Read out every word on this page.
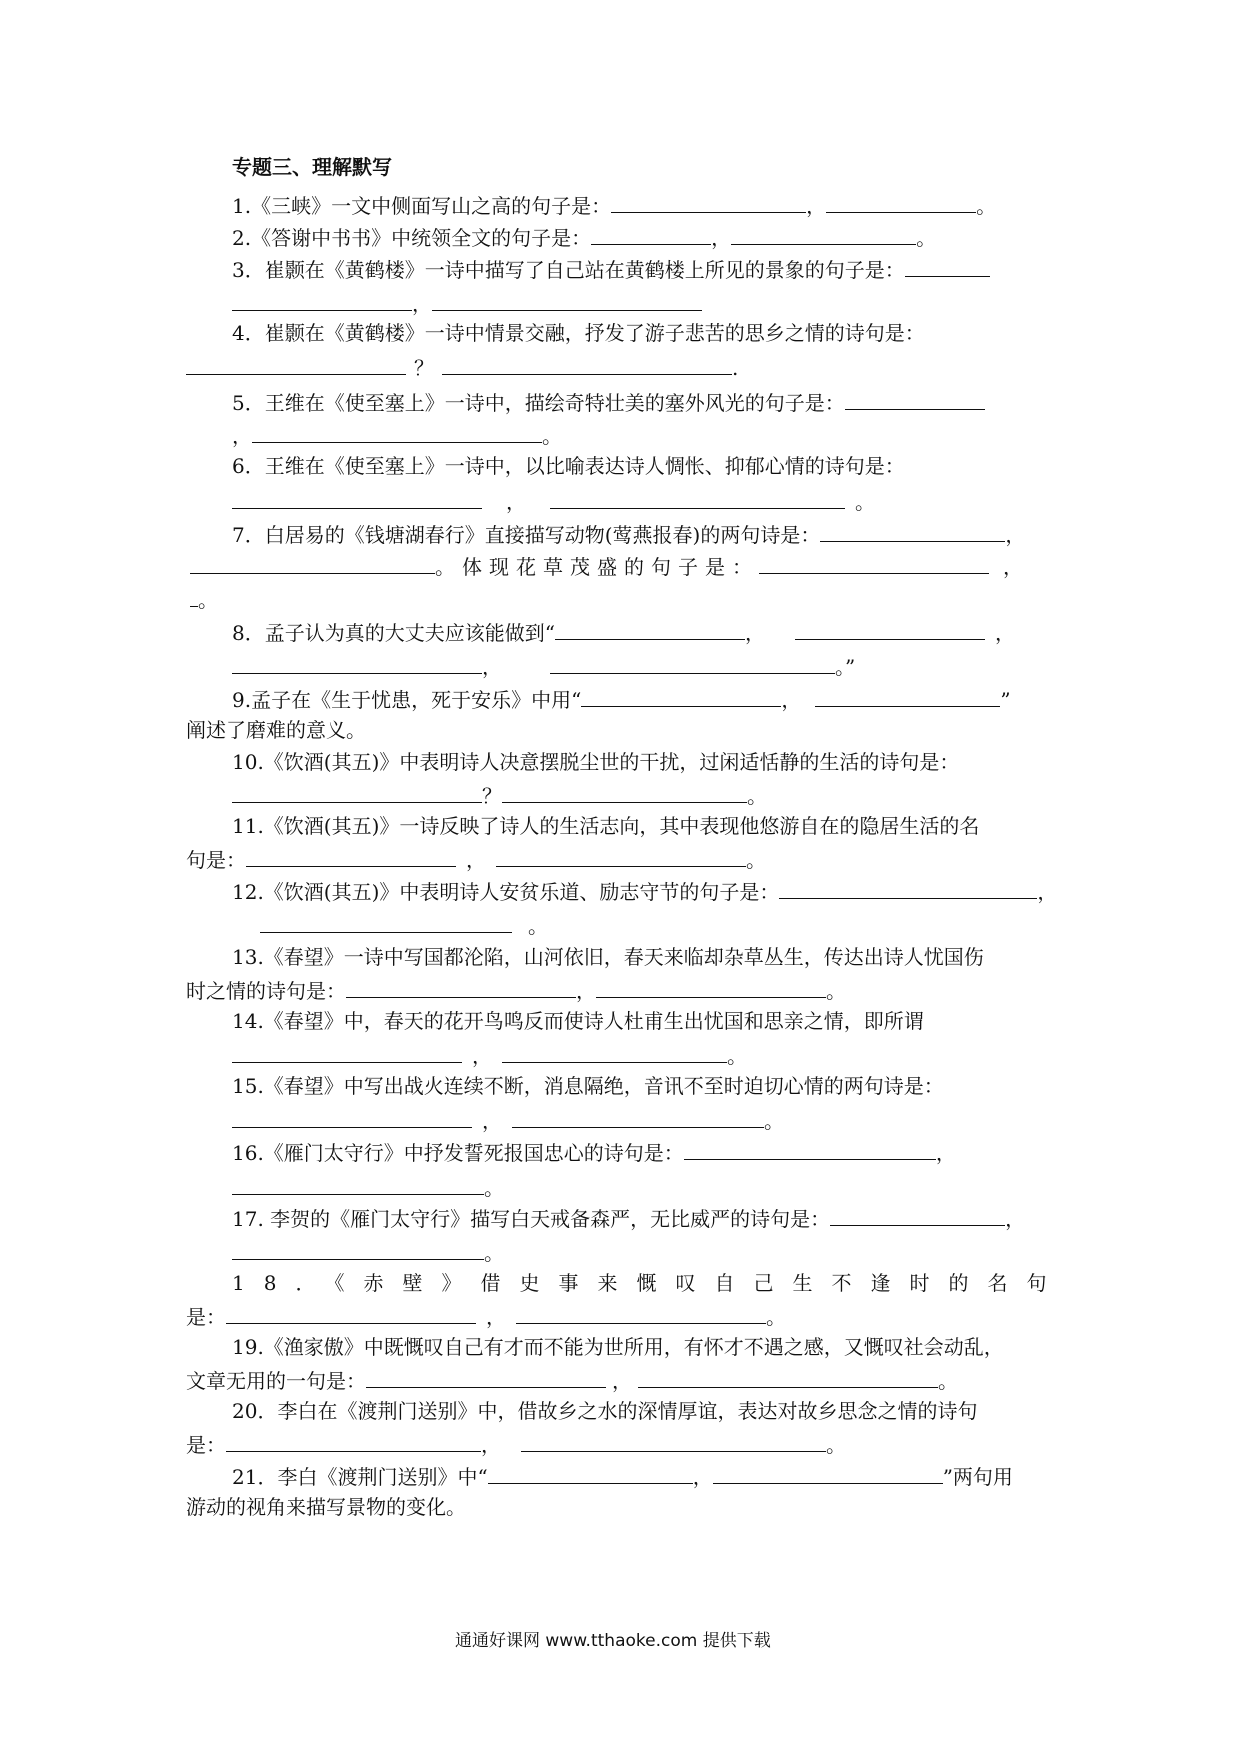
专题三、理解默写
1.《三峡》一文中侧面写山之高的句子是：	，	。
2.《答谢中书书》中统领全文的句子是：	，	。
3．崔颢在《黄鹤楼》一诗中描写了自己站在黄鹤楼上所见的景象的句子是：
，
4．崔颢在《黄鹤楼》一诗中情景交融，抒发了游子悲苦的思乡之情的诗句是：
？	.
5．王维在《使至塞上》一诗中，描绘奇特壮美的塞外风光的句子是：
，	。
6．王维在《使至塞上》一诗中，以比喻表达诗人惆怅、抑郁心情的诗句是：
，	。
7．白居易的《钱塘湖春行》直接描写动物(莺燕报春)的两句诗是：	，
。体现花草茂盛的句子是：	，
。
8．孟子认为真的大丈夫应该能做到“	，	，
，	。”
9.孟子在《生于忧患，死于安乐》中用“	，	”
阐述了磨难的意义。
10.《饮酒(其五)》中表明诗人决意摆脱尘世的干扰，过闲适恬静的生活的诗句是：
？	。
11.《饮酒(其五)》一诗反映了诗人的生活志向，其中表现他悠游自在的隐居生活的名
句是：	，	。
12.《饮酒(其五)》中表明诗人安贫乐道、励志守节的句子是：	，
。
13.《春望》一诗中写国都沦陷，山河依旧，春天来临却杂草丛生，传达出诗人忧国伤
时之情的诗句是：	，	。
14.《春望》中，春天的花开鸟鸣反而使诗人杜甫生出忧国和思亲之情，即所谓
，	。
15.《春望》中写出战火连续不断，消息隔绝，音讯不至时迫切心情的两句诗是：
，	。
16.《雁门太守行》中抒发誓死报国忠心的诗句是：	，
。
17. 李贺的《雁门太守行》描写白天戒备森严，无比威严的诗句是：	，
。
18．《赤壁》借史事来慨叹自己生不逢时的名句
是：	，	。
19.《渔家傲》中既慨叹自己有才而不能为世所用，有怀才不遇之感，又慨叹社会动乱，
文章无用的一句是：	，	。
20．李白在《渡荆门送别》中，借故乡之水的深情厚谊，表达对故乡思念之情的诗句
是：	，	。
21．李白《渡荆门送别》中“	，	”两句用
游动的视角来描写景物的变化。
通通好课网 www.tthaoke.com 提供下载
